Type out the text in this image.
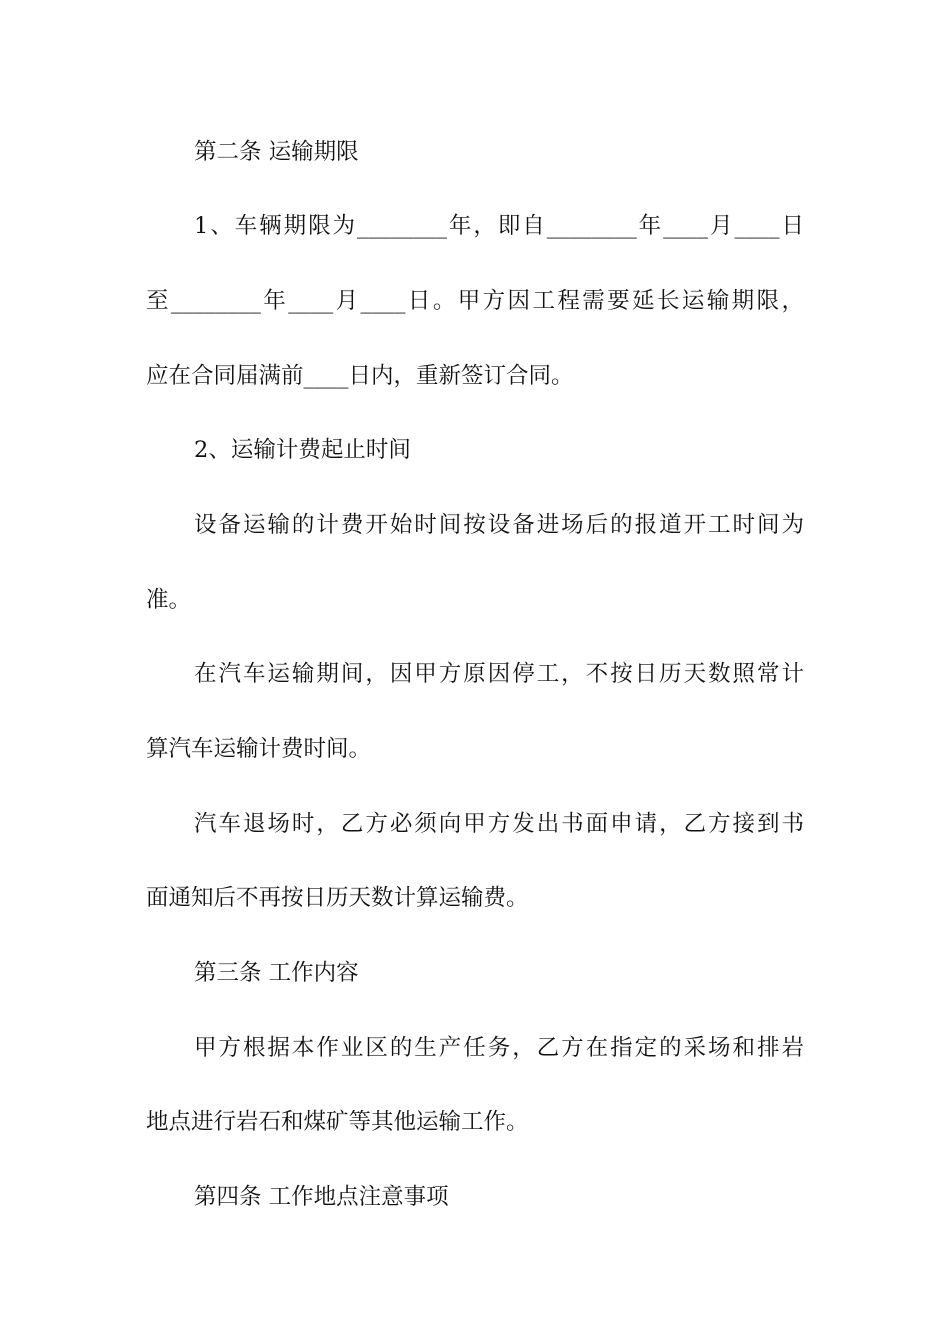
第二条 运输期限
1、车辆期限为________年，即自________年____月____日
至________年____月____日。甲方因工程需要延长运输期限，
应在合同届满前____日内，重新签订合同。
2、运输计费起止时间
设备运输的计费开始时间按设备进场后的报道开工时间为
准。
在汽车运输期间，因甲方原因停工，不按日历天数照常计
算汽车运输计费时间。
汽车退场时，乙方必须向甲方发出书面申请，乙方接到书
面通知后不再按日历天数计算运输费。
第三条 工作内容
甲方根据本作业区的生产任务，乙方在指定的采场和排岩
地点进行岩石和煤矿等其他运输工作。
第四条 工作地点注意事项
